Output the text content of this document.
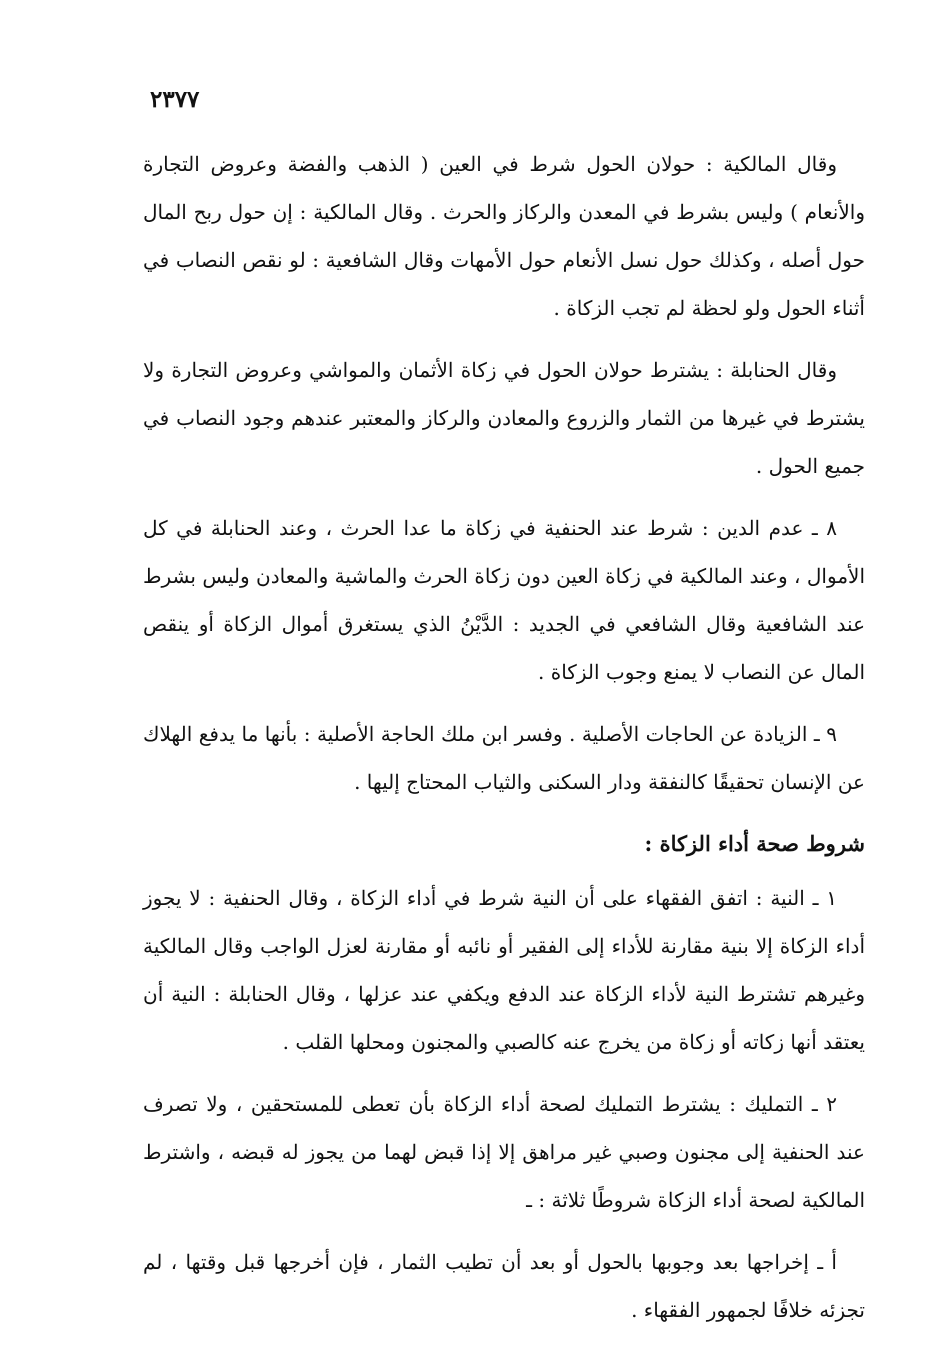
٢٣٧٧

وقال المالكية : حولان الحول شرط في العين ( الذهب والفضة وعروض التجارة والأنعام ) وليس بشرط في المعدن والركاز والحرث . وقال المالكية : إن حول ربح المال حول أصله ، وكذلك حول نسل الأنعام حول الأمهات وقال الشافعية : لو نقص النصاب في أثناء الحول ولو لحظة لم تجب الزكاة .

وقال الحنابلة : يشترط حولان الحول في زكاة الأثمان والمواشي وعروض التجارة ولا يشترط في غيرها من الثمار والزروع والمعادن والركاز والمعتبر عندهم وجود النصاب في جميع الحول .

٨ ـ عدم الدين : شرط عند الحنفية في زكاة ما عدا الحرث ، وعند الحنابلة في كل الأموال ، وعند المالكية في زكاة العين دون زكاة الحرث والماشية والمعادن وليس بشرط عند الشافعية وقال الشافعي في الجديد : الدَّيْنُ الذي يستغرق أموال الزكاة أو ينقص المال عن النصاب لا يمنع وجوب الزكاة .

٩ ـ الزيادة عن الحاجات الأصلية . وفسر ابن ملك الحاجة الأصلية : بأنها ما يدفع الهلاك عن الإنسان تحقيقًا كالنفقة ودار السكنى والثياب المحتاج إليها .

شروط صحة أداء الزكاة :

١ ـ النية : اتفق الفقهاء على أن النية شرط في أداء الزكاة ، وقال الحنفية : لا يجوز أداء الزكاة إلا بنية مقارنة للأداء إلى الفقير أو نائبه أو مقارنة لعزل الواجب وقال المالكية وغيرهم تشترط النية لأداء الزكاة عند الدفع ويكفي عند عزلها ، وقال الحنابلة : النية أن يعتقد أنها زكاته أو زكاة من يخرج عنه كالصبي والمجنون ومحلها القلب .

٢ ـ التمليك : يشترط التمليك لصحة أداء الزكاة بأن تعطى للمستحقين ، ولا تصرف عند الحنفية إلى مجنون وصبي غير مراهق إلا إذا قبض لهما من يجوز له قبضه ، واشترط المالكية لصحة أداء الزكاة شروطًا ثلاثة : ـ

أ ـ إخراجها بعد وجوبها بالحول أو بعد أن تطيب الثمار ، فإن أخرجها قبل وقتها ، لم تجزئه خلافًا لجمهور الفقهاء .
